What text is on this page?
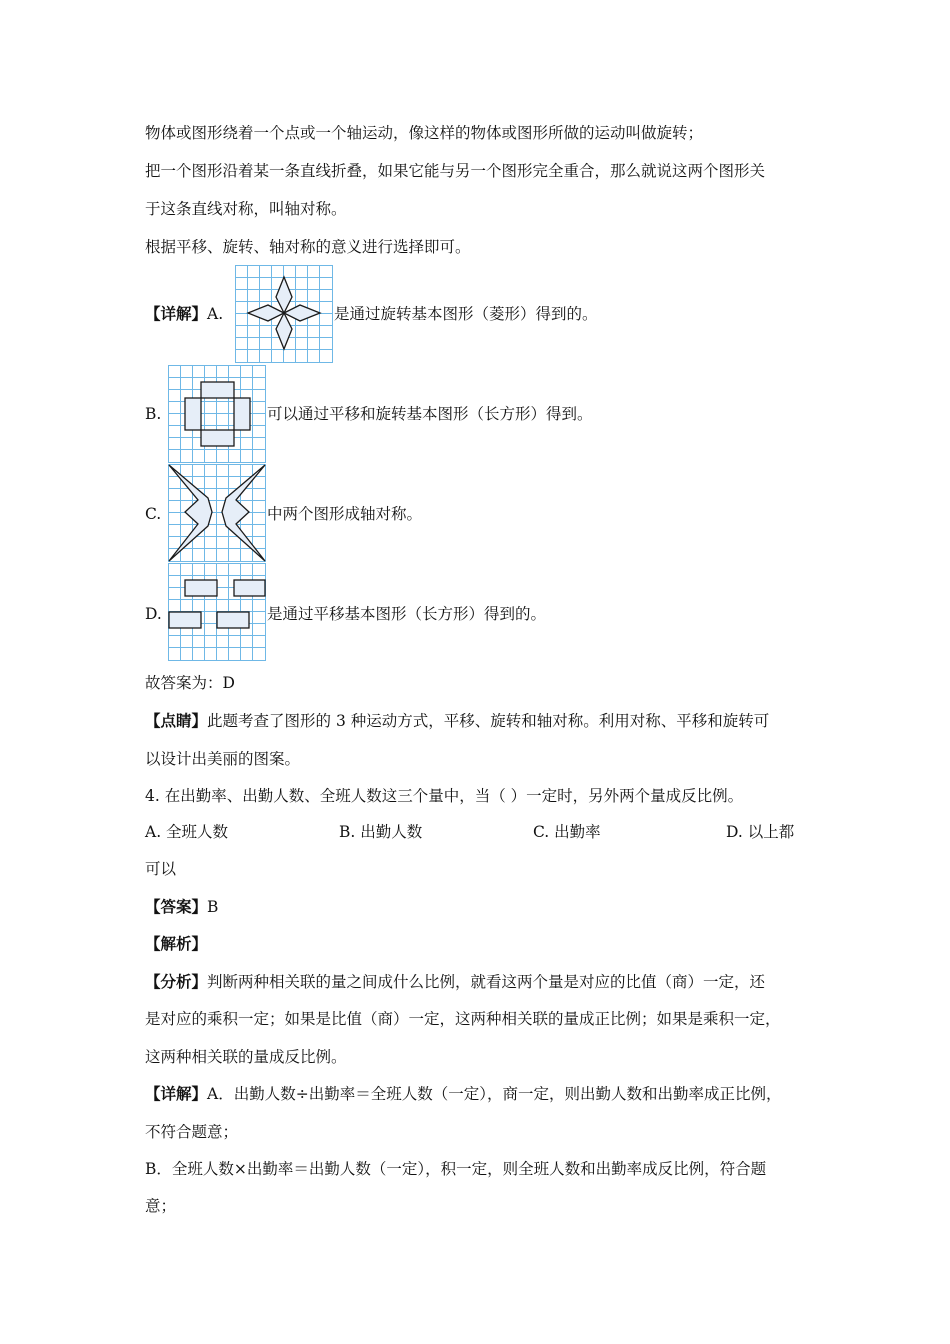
物体或图形绕着一个点或一个轴运动，像这样的物体或图形所做的运动叫做旋转；
把一个图形沿着某一条直线折叠，如果它能与另一个图形完全重合，那么就说这两个图形关
于这条直线对称，叫轴对称。
根据平移、旋转、轴对称的意义进行选择即可。
【详解】A.	是通过旋转基本图形（菱形）得到的。
B.	可以通过平移和旋转基本图形（长方形）得到。
C.	中两个图形成轴对称。
D.	是通过平移基本图形（长方形）得到的。
故答案为：D
【点睛】此题考查了图形的 3 种运动方式，平移、旋转和轴对称。利用对称、平移和旋转可
以设计出美丽的图案。
4. 在出勤率、出勤人数、全班人数这三个量中，当（ ）一定时，另外两个量成反比例。
A. 全班人数	B. 出勤人数	C. 出勤率	D. 以上都
可以
【答案】B
【解析】
【分析】判断两种相关联的量之间成什么比例，就看这两个量是对应的比值（商）一定，还
是对应的乘积一定；如果是比值（商）一定，这两种相关联的量成正比例；如果是乘积一定，
这两种相关联的量成反比例。
【详解】A．出勤人数÷出勤率＝全班人数（一定），商一定，则出勤人数和出勤率成正比例，
不符合题意；
B．全班人数×出勤率＝出勤人数（一定），积一定，则全班人数和出勤率成反比例，符合题
意；
